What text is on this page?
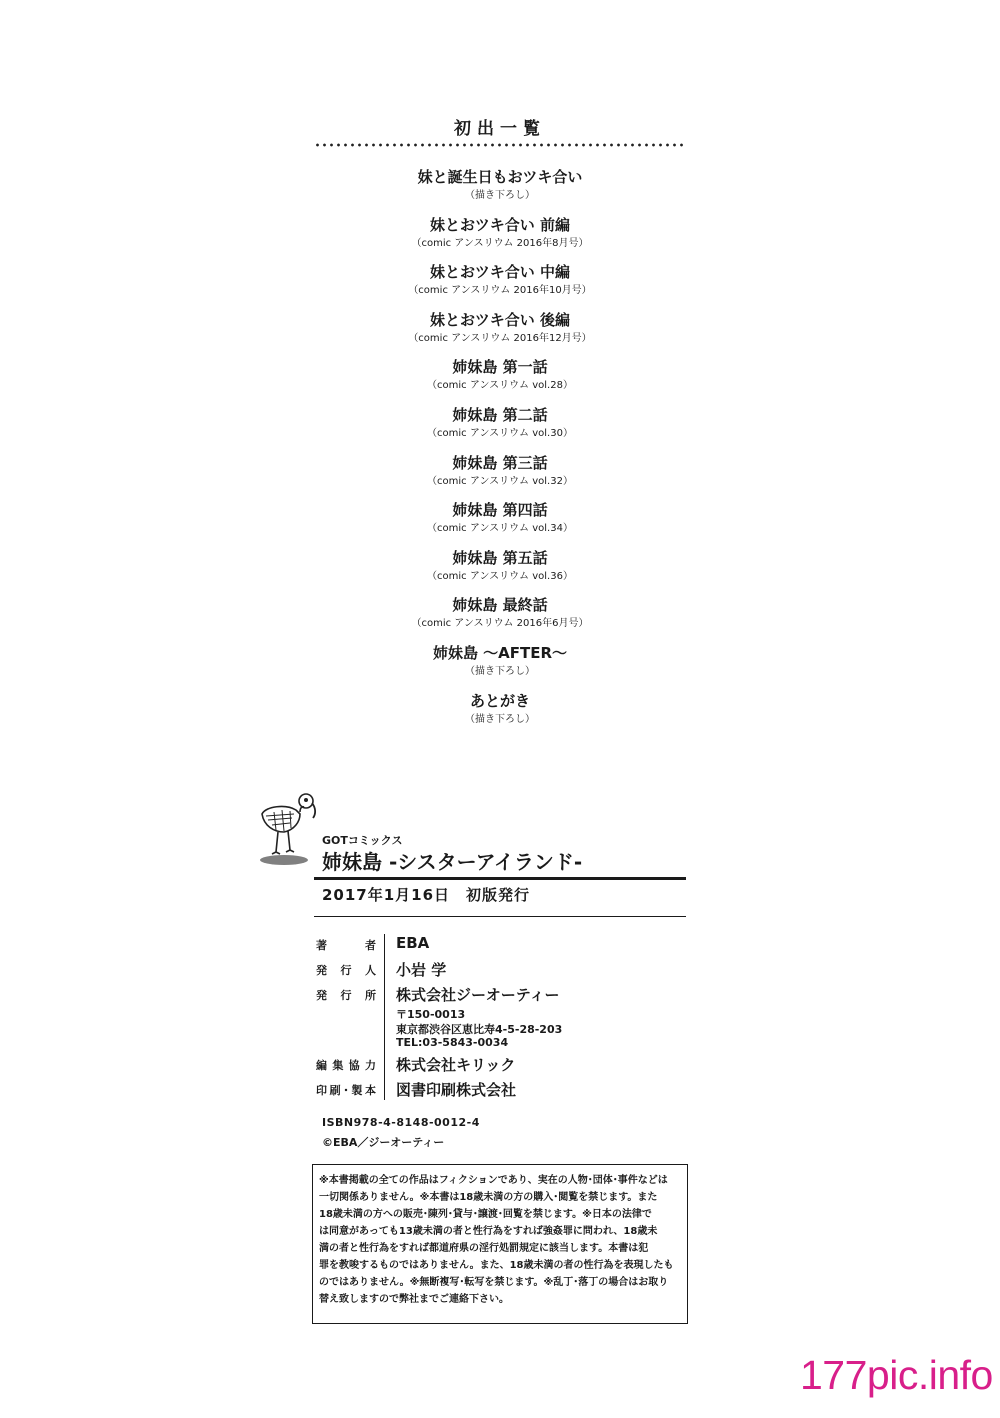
初出一覧
妹と誕生日もおツキ合い
（描き下ろし）
妹とおツキ合い 前編
（comic アンスリウム 2016年8月号）
妹とおツキ合い 中編
（comic アンスリウム 2016年10月号）
妹とおツキ合い 後編
（comic アンスリウム 2016年12月号）
姉妹島 第一話
（comic アンスリウム vol.28）
姉妹島 第二話
（comic アンスリウム vol.30）
姉妹島 第三話
（comic アンスリウム vol.32）
姉妹島 第四話
（comic アンスリウム vol.34）
姉妹島 第五話
（comic アンスリウム vol.36）
姉妹島 最終話
（comic アンスリウム 2016年6月号）
姉妹島 〜AFTER〜
（描き下ろし）
あとがき
（描き下ろし）
GOTコミックス
姉妹島 -シスターアイランド-
2017年1月16日　初版発行
著者 EBA
発行人 小岩 学
発行所 株式会社ジーオーティー
〒150-0013
東京都渋谷区恵比寿4-5-28-203
TEL:03-5843-0034
編集協力 株式会社キリック
印刷･製本 図書印刷株式会社
ISBN978-4-8148-0012-4
©EBA／ジーオーティー
※本書掲載の全ての作品はフィクションであり、実在の人物･団体･事件などは
一切関係ありません。※本書は18歳未満の方の購入･閲覧を禁じます。また
18歳未満の方への販売･陳列･貸与･譲渡･回覧を禁じます。※日本の法律で
は同意があっても13歳未満の者と性行為をすれば強姦罪に問われ、18歳未
満の者と性行為をすれば都道府県の淫行処罰規定に該当します。本書は犯
罪を教唆するものではありません。また、18歳未満の者の性行為を表現したも
のではありません。※無断複写･転写を禁じます。※乱丁･落丁の場合はお取り
替え致しますので弊社までご連絡下さい。
177pic.info
